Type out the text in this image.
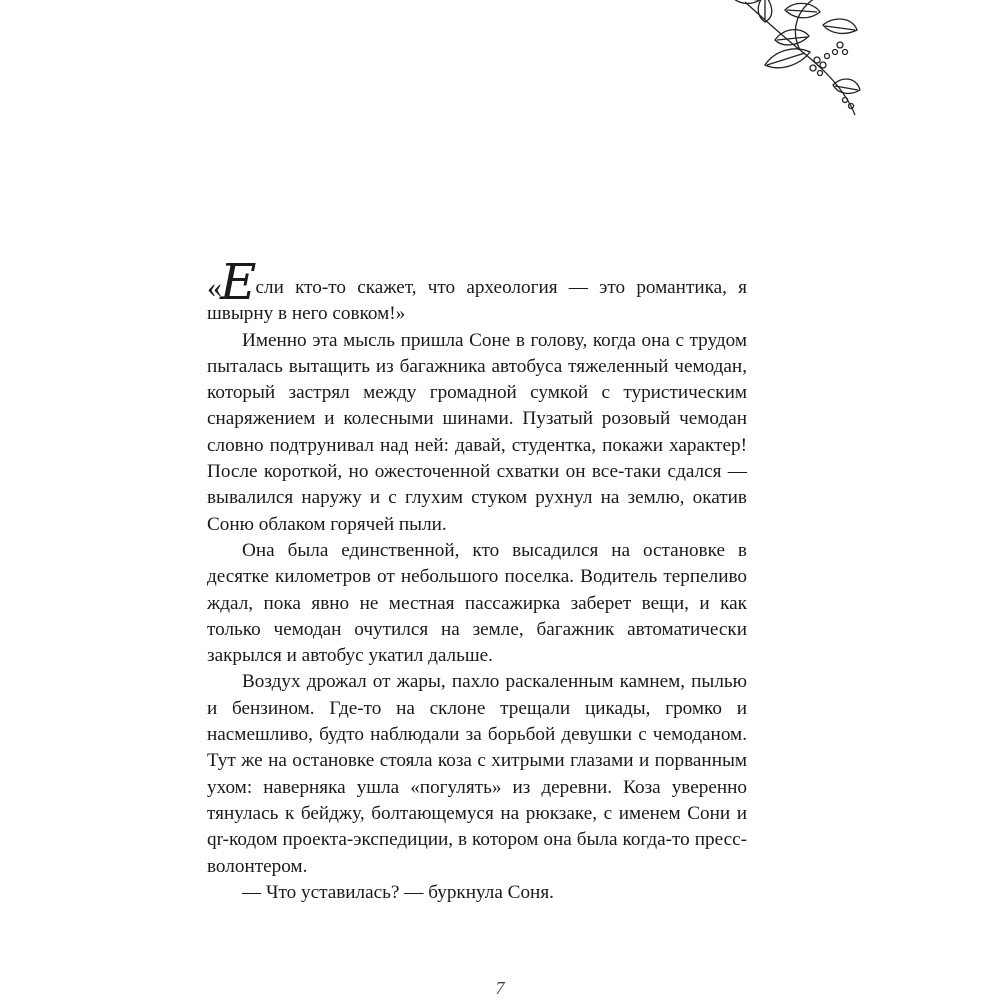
«Если кто-то скажет, что археология — это романтика, я швырну в него совком!»

Именно эта мысль пришла Соне в голову, когда она с трудом пыталась вытащить из багажника автобуса тяжеленный чемодан, который застрял между громадной сумкой с туристическим снаряжением и колесными шинами. Пузатый розовый чемодан словно подтрунивал над ней: давай, студентка, покажи характер! После короткой, но ожесточенной схватки он все-таки сдался — вывалился наружу и с глухим стуком рухнул на землю, окатив Соню облаком горячей пыли.

Она была единственной, кто высадился на остановке в десятке километров от небольшого поселка. Водитель терпеливо ждал, пока явно не местная пассажирка заберет вещи, и как только чемодан очутился на земле, багажник автоматически закрылся и автобус укатил дальше.

Воздух дрожал от жары, пахло раскаленным камнем, пылью и бензином. Где-то на склоне трещали цикады, громко и насмешливо, будто наблюдали за борьбой девушки с чемоданом. Тут же на остановке стояла коза с хитрыми глазами и порванным ухом: наверняка ушла «погулять» из деревни. Коза уверенно тянулась к бейджу, болтающемуся на рюкзаке, с именем Сони и qr-кодом проекта-экспедиции, в котором она была когда-то прессволонтером.

— Что уставилась? — буркнула Соня.

7
